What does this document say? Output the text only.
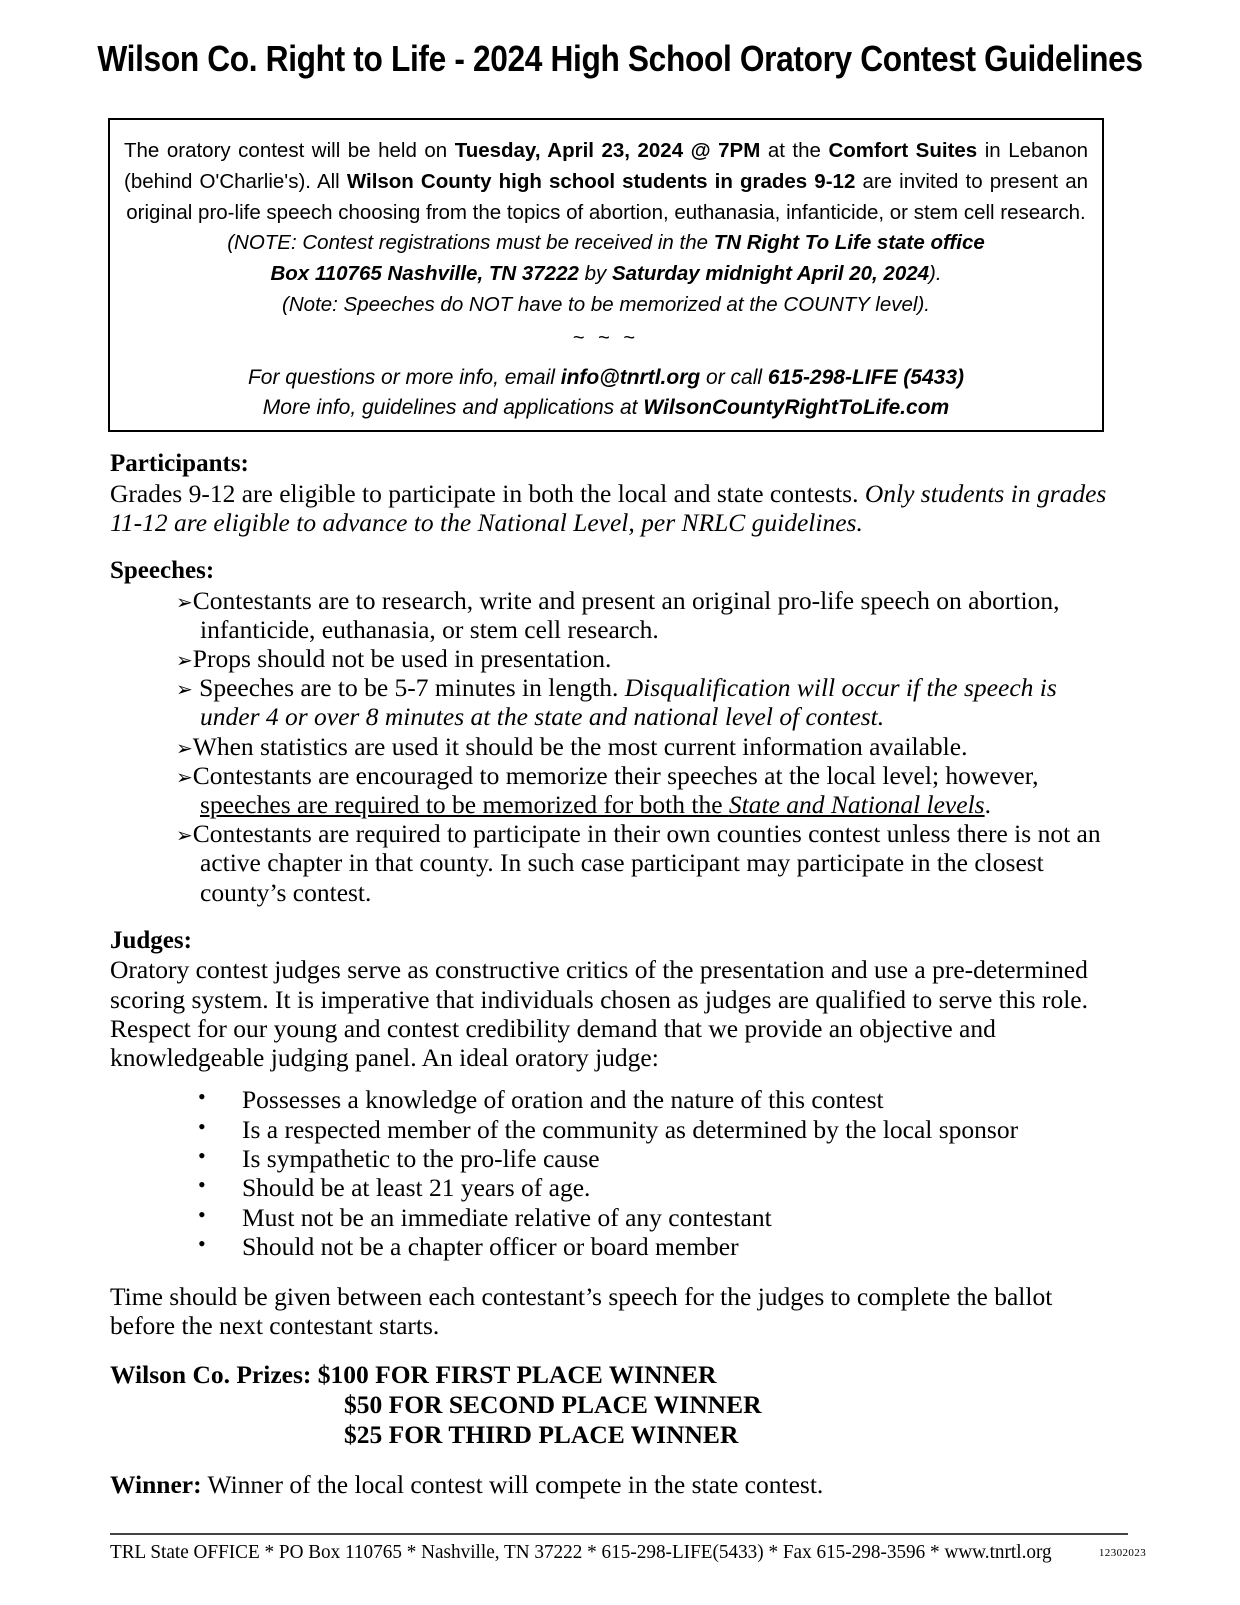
Wilson Co. Right to Life - 2024 High School Oratory Contest Guidelines
The oratory contest will be held on Tuesday, April 23, 2024 @ 7PM at the Comfort Suites in Lebanon (behind O'Charlie's). All Wilson County high school students in grades 9-12 are invited to present an original pro-life speech choosing from the topics of abortion, euthanasia, infanticide, or stem cell research.
(NOTE: Contest registrations must be received in the TN Right To Life state office
Box 110765 Nashville, TN 37222 by Saturday midnight April 20, 2024).
(Note: Speeches do NOT have to be memorized at the COUNTY level).
~ ~ ~
For questions or more info, email info@tnrtl.org or call 615-298-LIFE (5433)
More info, guidelines and applications at WilsonCountyRightToLife.com
Participants:

Grades 9-12 are eligible to participate in both the local and state contests. Only students in grades 11-12 are eligible to advance to the National Level, per NRLC guidelines.

Speeches:
➢Contestants are to research, write and present an original pro-life speech on abortion, infanticide, euthanasia, or stem cell research.
➢Props should not be used in presentation.
➢ Speeches are to be 5-7 minutes in length. Disqualification will occur if the speech is under 4 or over 8 minutes at the state and national level of contest.
➢When statistics are used it should be the most current information available.
➢Contestants are encouraged to memorize their speeches at the local level; however, speeches are required to be memorized for both the State and National levels.
➢Contestants are required to participate in their own counties contest unless there is not an active chapter in that county. In such case participant may participate in the closest county’s contest.
Judges:

Oratory contest judges serve as constructive critics of the presentation and use a pre-determined scoring system. It is imperative that individuals chosen as judges are qualified to serve this role. Respect for our young and contest credibility demand that we provide an objective and knowledgeable judging panel. An ideal oratory judge:

• Possesses a knowledge of oration and the nature of this contest
• Is a respected member of the community as determined by the local sponsor
• Is sympathetic to the pro-life cause
• Should be at least 21 years of age.
• Must not be an immediate relative of any contestant
• Should not be a chapter officer or board member

Time should be given between each contestant’s speech for the judges to complete the ballot before the next contestant starts.

Wilson Co. Prizes: $100 FOR FIRST PLACE WINNER
$50 FOR SECOND PLACE WINNER
$25 FOR THIRD PLACE WINNER

Winner: Winner of the local contest will compete in the state contest.

TRL State OFFICE * PO Box 110765 * Nashville, TN 37222 * 615-298-LIFE(5433) * Fax 615-298-3596 * www.tnrtl.org	12302023
